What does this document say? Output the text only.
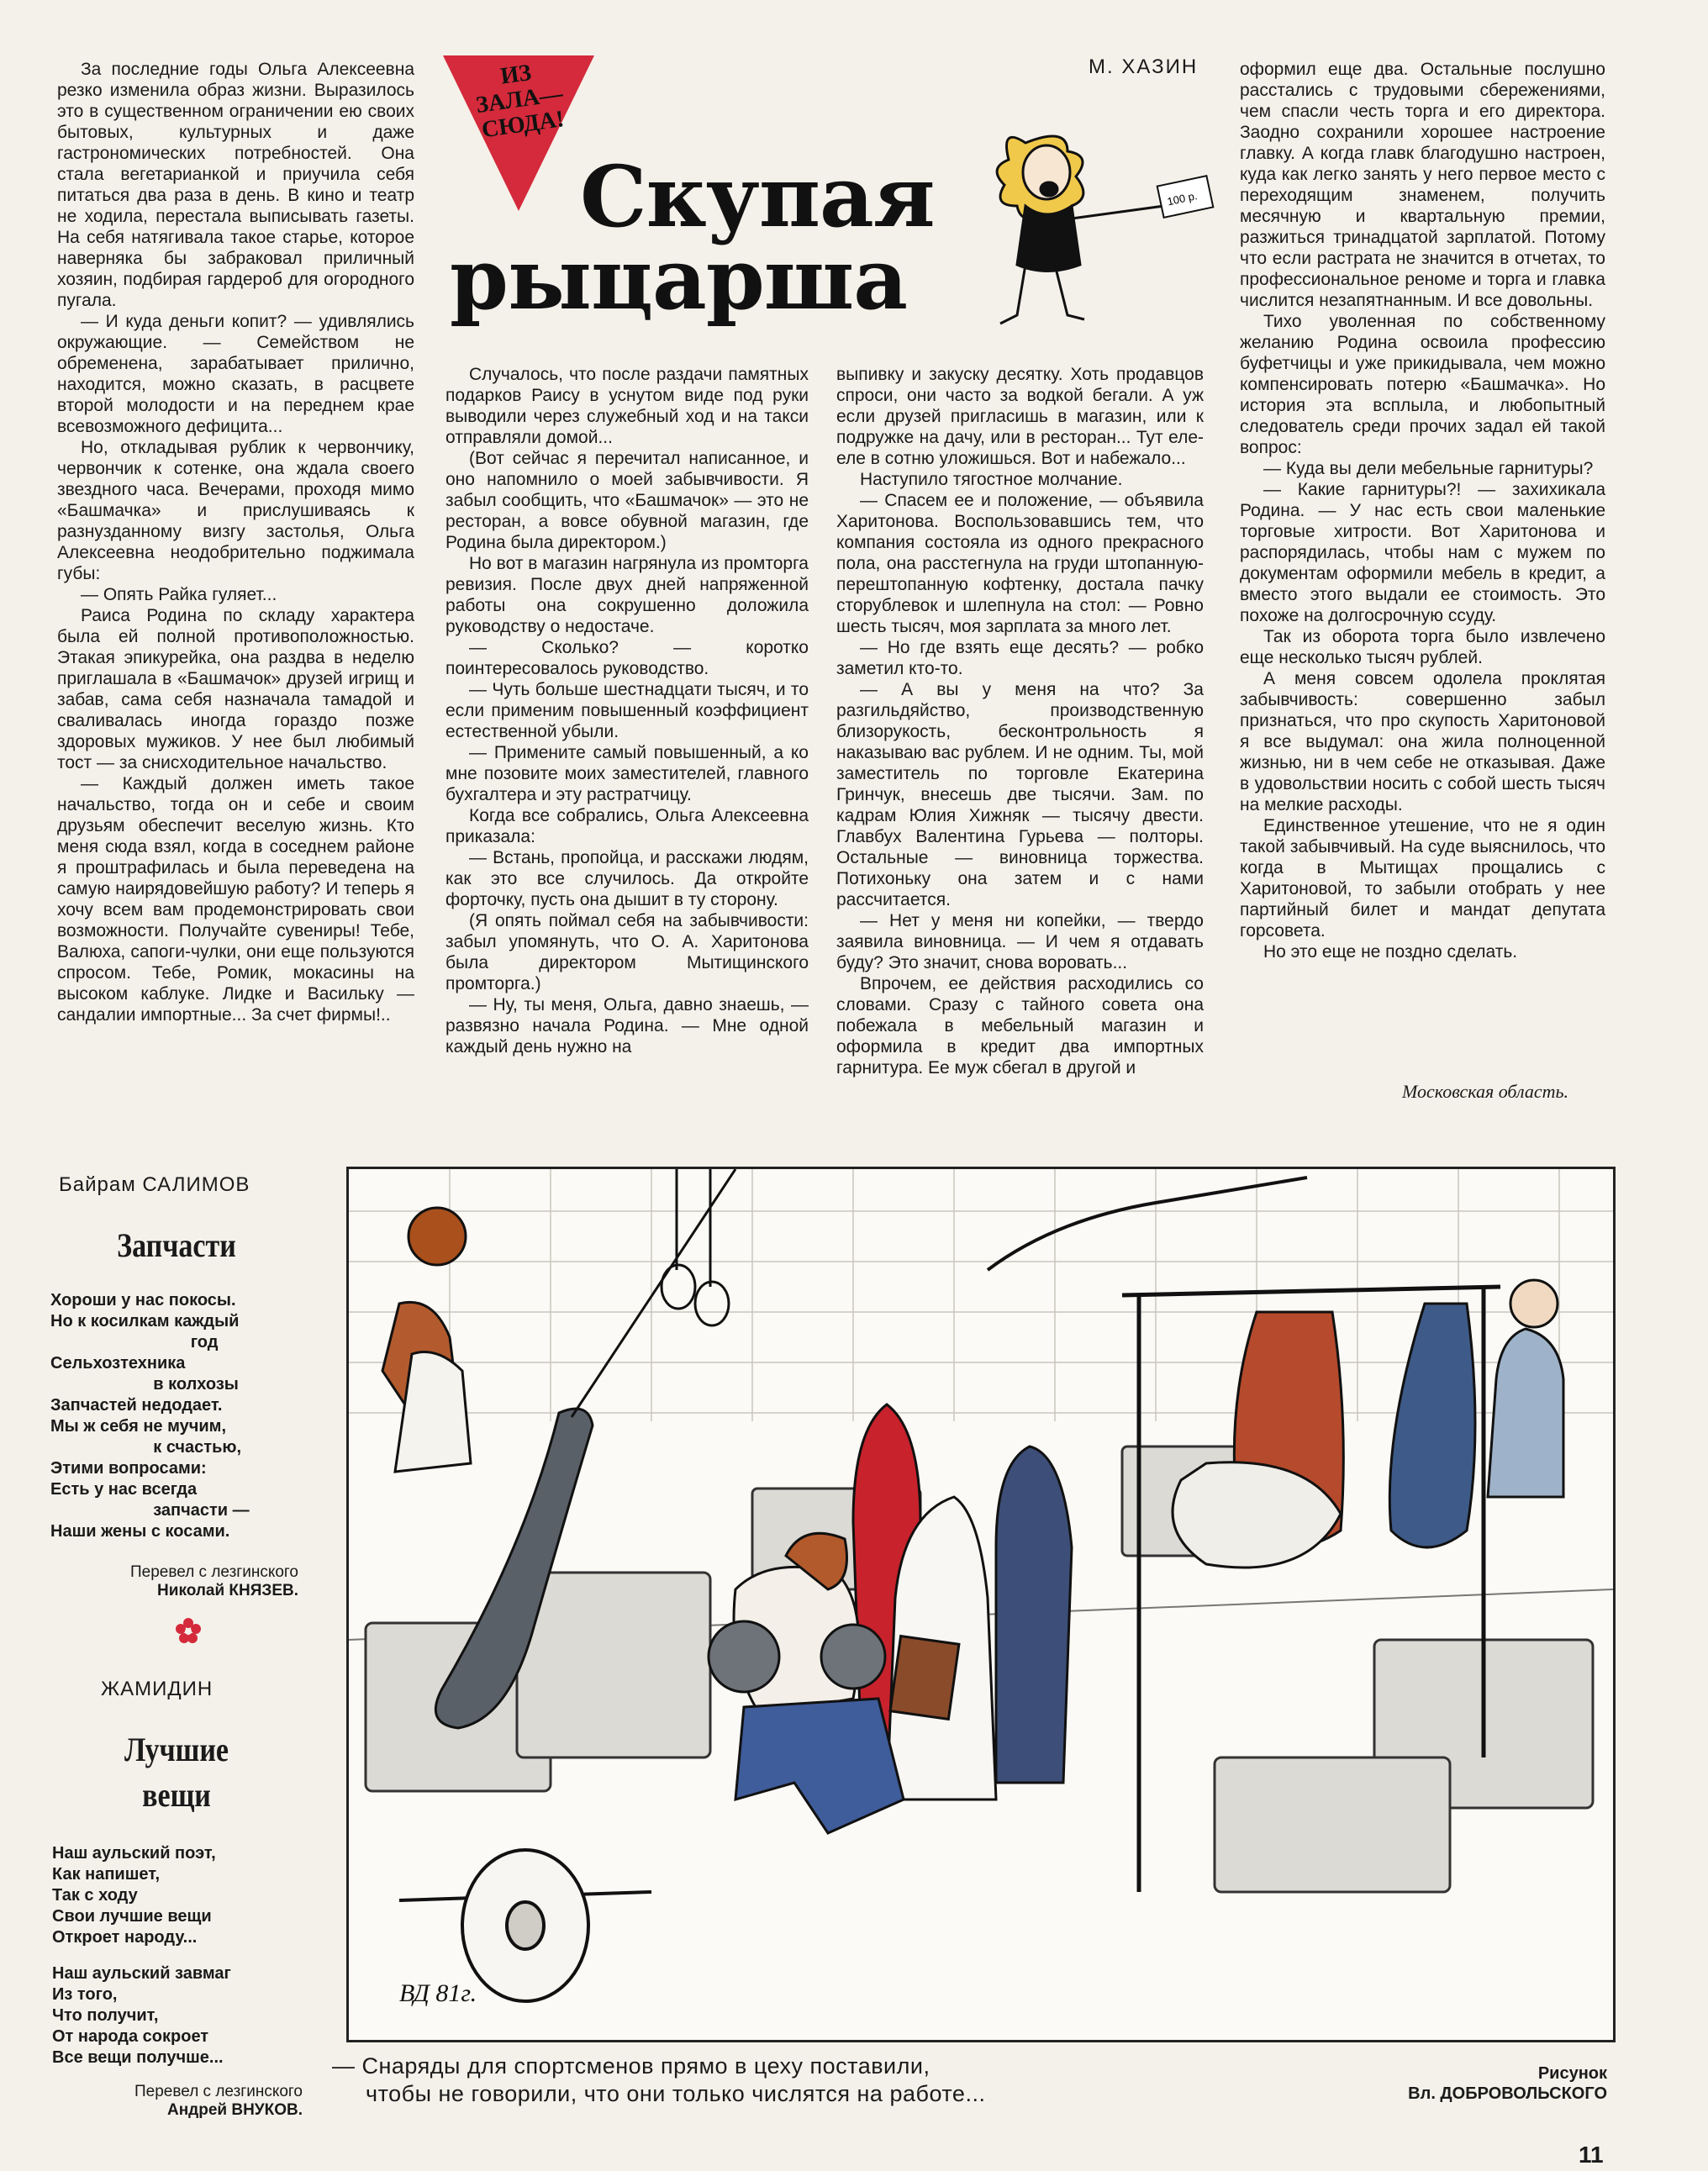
За последние годы Ольга Алексеевна резко изменила образ жизни. Выразилось это в существенном ограничении ею своих бытовых, культурных и даже гастрономических потребностей. Она стала вегетарианкой и приучила себя питаться два раза в день. В кино и театр не ходила, перестала выписывать газеты. На себя натягивала такое старье, которое наверняка бы забраковал приличный хозяин, подбирая гардероб для огородного пугала.

— И куда деньги копит? — удивлялись окружающие. — Семейством не обременена, зарабатывает прилично, находится, можно сказать, в расцвете второй молодости и на переднем крае всевозможного дефицита...

Но, откладывая рублик к червончику, червончик к сотенке, она ждала своего звездного часа. Вечерами, проходя мимо «Башмачка» и прислушиваясь к разнузданному визгу застолья, Ольга Алексеевна неодобрительно поджимала губы:

— Опять Райка гуляет...

Раиса Родина по складу характера была ей полной противоположностью. Этакая эпикурейка, она раздва в неделю приглашала в «Башмачок» друзей игрищ и забав, сама себя назначала тамадой и сваливалась иногда гораздо позже здоровых мужиков. У нее был любимый тост — за снисходительное начальство.

— Каждый должен иметь такое начальство, тогда он и себе и своим друзьям обеспечит веселую жизнь. Кто меня сюда взял, когда в соседнем районе я проштрафилась и была переведена на самую наирядовейшую работу? И теперь я хочу всем вам продемонстрировать свои возможности. Получайте сувениры! Тебе, Валюха, сапоги-чулки, они еще пользуются спросом. Тебе, Ромик, мокасины на высоком каблуке. Лидке и Васильку — сандалии импортные... За счет фирмы!..

ИЗ ЗАЛА—СЮДА!
М. ХАЗИН
Скупая
рыцарша
100 р.

Случалось, что после раздачи памятных подарков Раису в уснутом виде под руки выводили через служебный ход и на такси отправляли домой...

(Вот сейчас я перечитал написанное, и оно напомнило о моей забывчивости. Я забыл сообщить, что «Башмачок» — это не ресторан, а вовсе обувной магазин, где Родина была директором.)

Но вот в магазин нагрянула из промторга ревизия. После двух дней напряженной работы она сокрушенно доложила руководству о недостаче.

— Сколько? — коротко поинтересовалось руководство.

— Чуть больше шестнадцати тысяч, и то если применим повышенный коэффициент естественной убыли.

— Примените самый повышенный, а ко мне позовите моих заместителей, главного бухгалтера и эту растратчицу.

Когда все собрались, Ольга Алексеевна приказала:

— Встань, пропойца, и расскажи людям, как это все случилось. Да откройте форточку, пусть она дышит в ту сторону.

(Я опять поймал себя на забывчивости: забыл упомянуть, что О. А. Харитонова была директором Мытищинского промторга.)

— Ну, ты меня, Ольга, давно знаешь, — развязно начала Родина. — Мне одной каждый день нужно на

выпивку и закуску десятку. Хоть продавцов спроси, они часто за водкой бегали. А уж если друзей пригласишь в магазин, или к подружке на дачу, или в ресторан... Тут еле-еле в сотню уложишься. Вот и набежало...

Наступило тягостное молчание.

— Спасем ее и положение, — объявила Харитонова. Воспользовавшись тем, что компания состояла из одного прекрасного пола, она расстегнула на груди штопанную-перештопанную кофтенку, достала пачку сторублевок и шлепнула на стол: — Ровно шесть тысяч, моя зарплата за много лет.

— Но где взять еще десять? — робко заметил кто-то.

— А вы у меня на что? За разгильдяйство, производственную близорукость, бесконтрольность я наказываю вас рублем. И не одним. Ты, мой заместитель по торговле Екатерина Гринчук, внесешь две тысячи. Зам. по кадрам Юлия Хижняк — тысячу двести. Главбух Валентина Гурьева — полторы. Остальные — виновница торжества. Потихоньку она затем и с нами рассчитается.

— Нет у меня ни копейки, — твердо заявила виновница. — И чем я отдавать буду? Это значит, снова воровать...

Впрочем, ее действия расходились со словами. Сразу с тайного совета она побежала в мебельный магазин и оформила в кредит два импортных гарнитура. Ее муж сбегал в другой и

оформил еще два. Остальные послушно расстались с трудовыми сбережениями, чем спасли честь торга и его директора. Заодно сохранили хорошее настроение главку. А когда главк благодушно настроен, куда как легко занять у него первое место с переходящим знаменем, получить месячную и квартальную премии, разжиться тринадцатой зарплатой. Потому что если растрата не значится в отчетах, то профессиональное реноме и торга и главка числится незапятнанным. И все довольны.

Тихо уволенная по собственному желанию Родина освоила профессию буфетчицы и уже прикидывала, чем можно компенсировать потерю «Башмачка». Но история эта всплыла, и любопытный следователь среди прочих задал ей такой вопрос:

— Куда вы дели мебельные гарнитуры?

— Какие гарнитуры?! — захихикала Родина. — У нас есть свои маленькие торговые хитрости. Вот Харитонова и распорядилась, чтобы нам с мужем по документам оформили мебель в кредит, а вместо этого выдали ее стоимость. Это похоже на долгосрочную ссуду.

Так из оборота торга было извлечено еще несколько тысяч рублей.

А меня совсем одолела проклятая забывчивость: совершенно забыл признаться, что про скупость Харитоновой я все выдумал: она жила полноценной жизнью, ни в чем себе не отказывая. Даже в удовольствии носить с собой шесть тысяч на мелкие расходы.

Единственное утешение, что не я один такой забывчивый. На суде выяснилось, что когда в Мытищах прощались с Харитоновой, то забыли отобрать у нее партийный билет и мандат депутата горсовета.

Но это еще не поздно сделать.

Московская область.
Байрам САЛИМОВ
Запчасти
Хороши у нас покосы.
Но к косилкам каждый
год
Сельхозтехника
в колхозы
Запчастей недодает.
Мы ж себя не мучим,
к счастью,
Этими вопросами:
Есть у нас всегда
запчасти —
Наши жены с косами.
Перевел с лезгинского
Николай КНЯЗЕВ.
ЖАМИДИН
Лучшие
вещи
Наш аульский поэт,
Как напишет,
Так с ходу
Свои лучшие вещи
Откроет народу...
Наш аульский завмаг
Из того,
Что получит,
От народа сокроет
Все вещи получше...
Перевел с лезгинского
Андрей ВНУКОВ.
ВД 81г.
— Снаряды для спортсменов прямо в цеху поставили,
чтобы не говорили, что они только числятся на работе...
Рисунок
Вл. ДОБРОВОЛЬСКОГО
11
